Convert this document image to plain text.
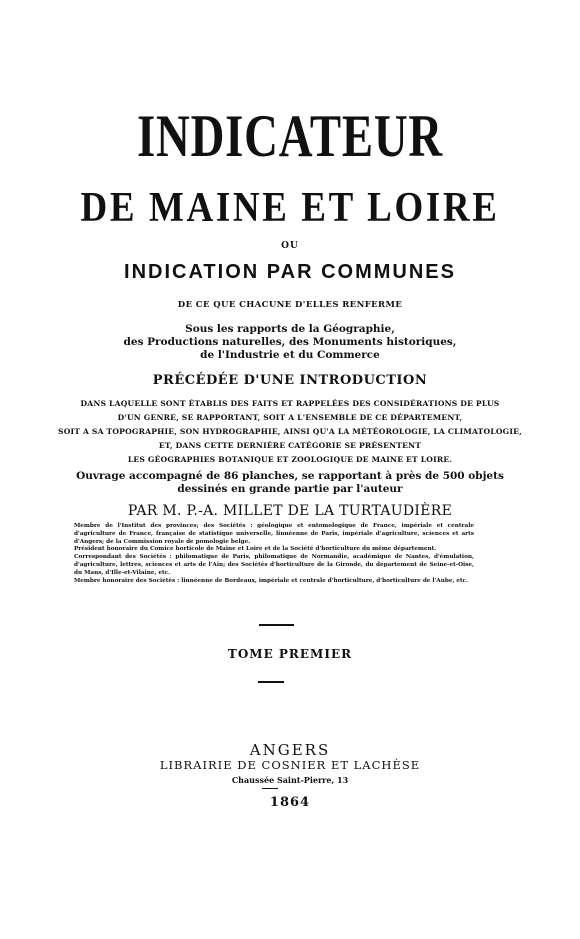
INDICATEUR
DE MAINE ET LOIRE
OU
INDICATION PAR COMMUNES
DE CE QUE CHACUNE D'ELLES RENFERME
Sous les rapports de la Géographie,
des Productions naturelles, des Monuments historiques,
de l'Industrie et du Commerce
PRÉCÉDÉE D'UNE INTRODUCTION
DANS LAQUELLE SONT ÉTABLIS DES FAITS ET RAPPELÉES DES CONSIDÉRATIONS DE PLUS
D'UN GENRE, SE RAPPORTANT, SOIT A L'ENSEMBLE DE CE DÉPARTEMENT,
SOIT A SA TOPOGRAPHIE, SON HYDROGRAPHIE, AINSI QU'A LA MÉTÉOROLOGIE, LA CLIMATOLOGIE,
ET, DANS CETTE DERNIÈRE CATÉGORIE SE PRÉSENTENT
LES GÉOGRAPHIES BOTANIQUE ET ZOOLOGIQUE DE MAINE ET LOIRE.
Ouvrage accompagné de 86 planches, se rapportant à près de 500 objets
dessinés en grande partie par l'auteur
PAR M. P.-A. MILLET DE LA TURTAUDIÈRE
Membre de l'Institut des provinces; des Sociétés : géologique et entomologique de France, impériale et centrale d'agriculture de France, française de statistique universelle, linnéenne de Paris, impériale d'agriculture, sciences et arts d'Angers; de la Commission royale de pomologie belge.
Président honoraire du Comice horticole de Maine et Loire et de la Société d'horticulture du même département.
Correspondant des Sociétés : philomatique de Paris, philomatique de Normandie, académique de Nantes, d'émulation, d'agriculture, lettres, sciences et arts de l'Ain; des Sociétés d'horticulture de la Gironde, du département de Seine-et-Oise, du Mans, d'Ille-et-Vilaine, etc.
Membre honoraire des Sociétés : linnéenne de Bordeaux, impériale et centrale d'horticulture, d'horticulture de l'Aube, etc.
TOME PREMIER
ANGERS
LIBRAIRIE DE COSNIER ET LACHÈSE
Chaussée Saint-Pierre, 13
1864
